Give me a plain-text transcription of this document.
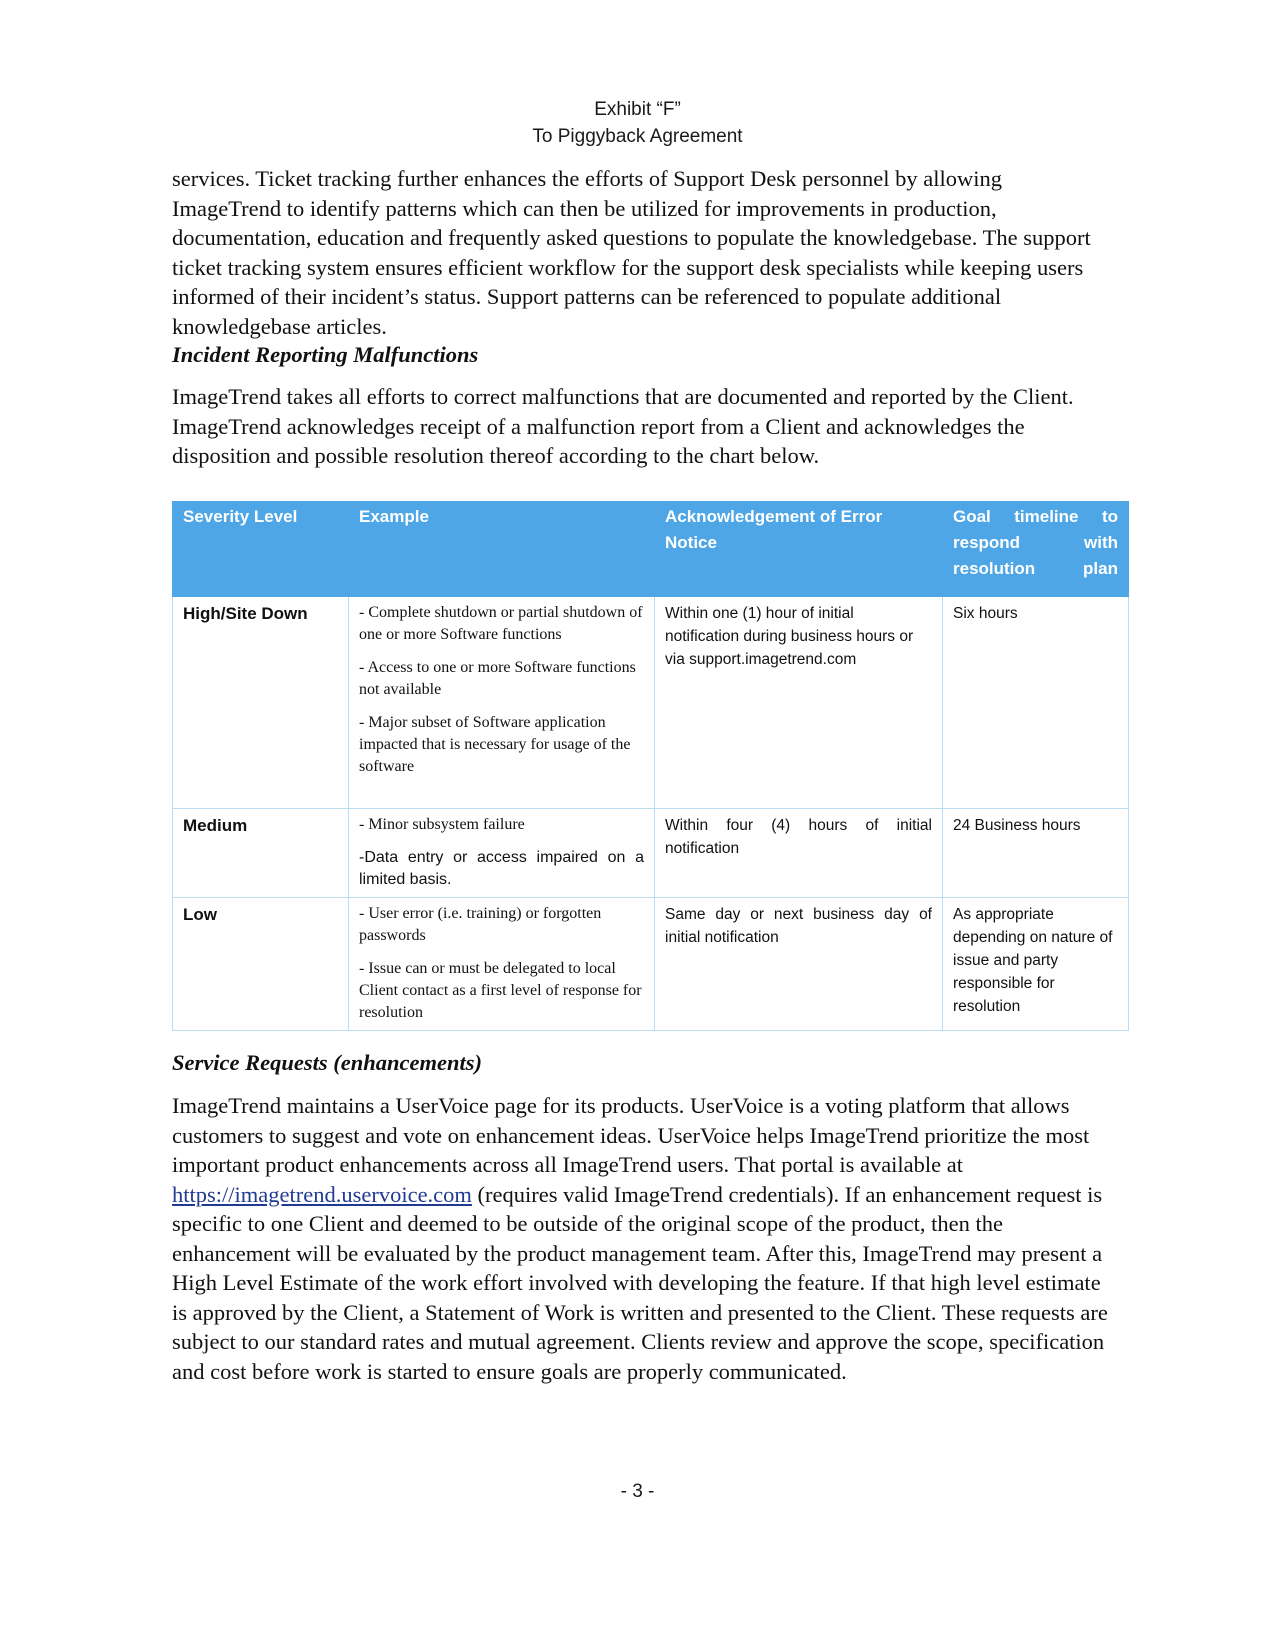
Exhibit “F”
To Piggyback Agreement
services. Ticket tracking further enhances the efforts of Support Desk personnel by allowing ImageTrend to identify patterns which can then be utilized for improvements in production, documentation, education and frequently asked questions to populate the knowledgebase. The support ticket tracking system ensures efficient workflow for the support desk specialists while keeping users informed of their incident’s status. Support patterns can be referenced to populate additional knowledgebase articles.
Incident Reporting Malfunctions
ImageTrend takes all efforts to correct malfunctions that are documented and reported by the Client. ImageTrend acknowledges receipt of a malfunction report from a Client and acknowledges the disposition and possible resolution thereof according to the chart below.
Severity Level	Example	Acknowledgement of Error Notice	Goal timeline to respond with resolution plan
High/Site Down	- Complete shutdown or partial shutdown of one or more Software functions

- Access to one or more Software functions not available

- Major subset of Software application impacted that is necessary for usage of the software	Within one (1) hour of initial notification during business hours or via support.imagetrend.com	Six hours
Medium	- Minor subsystem failure

-Data entry or access impaired on a limited basis.	Within four (4) hours of initial notification	24 Business hours
Low	- User error (i.e. training) or forgotten passwords

- Issue can or must be delegated to local Client contact as a first level of response for resolution	Same day or next business day of initial notification	As appropriate depending on nature of issue and party responsible for resolution
Service Requests (enhancements)
ImageTrend maintains a UserVoice page for its products. UserVoice is a voting platform that allows customers to suggest and vote on enhancement ideas. UserVoice helps ImageTrend prioritize the most important product enhancements across all ImageTrend users. That portal is available at https://imagetrend.uservoice.com (requires valid ImageTrend credentials). If an enhancement request is specific to one Client and deemed to be outside of the original scope of the product, then the enhancement will be evaluated by the product management team. After this, ImageTrend may present a High Level Estimate of the work effort involved with developing the feature. If that high level estimate is approved by the Client, a Statement of Work is written and presented to the Client. These requests are subject to our standard rates and mutual agreement. Clients review and approve the scope, specification and cost before work is started to ensure goals are properly communicated.
- 3 -
